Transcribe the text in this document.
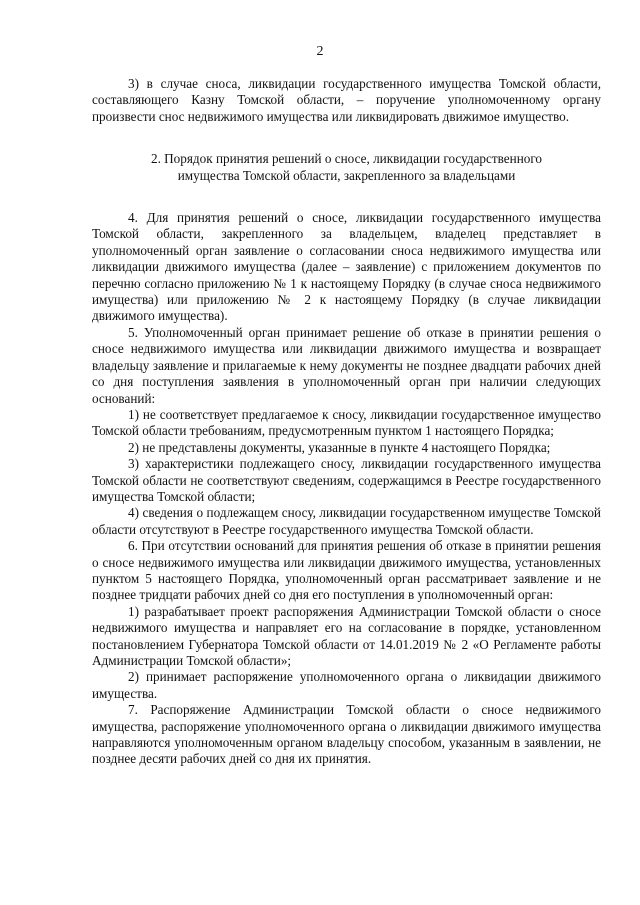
2

3) в случае сноса, ликвидации государственного имущества Томской области, составляющего Казну Томской области, – поручение уполномоченному органу произвести снос недвижимого имущества или ликвидировать движимое имущество.

2. Порядок принятия решений о сносе, ликвидации государственного
имущества Томской области, закрепленного за владельцами

4. Для принятия решений о сносе, ликвидации государственного имущества Томской области, закрепленного за владельцем, владелец представляет в уполномоченный орган заявление о согласовании сноса недвижимого имущества или ликвидации движимого имущества (далее – заявление) с приложением документов по перечню согласно приложению № 1 к настоящему Порядку (в случае сноса недвижимого имущества) или приложению № 2 к настоящему Порядку (в случае ликвидации движимого имущества).

5. Уполномоченный орган принимает решение об отказе в принятии решения о сносе недвижимого имущества или ликвидации движимого имущества и возвращает владельцу заявление и прилагаемые к нему документы не позднее двадцати рабочих дней со дня поступления заявления в уполномоченный орган при наличии следующих оснований:

1) не соответствует предлагаемое к сносу, ликвидации государственное имущество Томской области требованиям, предусмотренным пунктом 1 настоящего Порядка;

2) не представлены документы, указанные в пункте 4 настоящего Порядка;

3) характеристики подлежащего сносу, ликвидации государственного имущества Томской области не соответствуют сведениям, содержащимся в Реестре государственного имущества Томской области;

4) сведения о подлежащем сносу, ликвидации государственном имуществе Томской области отсутствуют в Реестре государственного имущества Томской области.

6. При отсутствии оснований для принятия решения об отказе в принятии решения о сносе недвижимого имущества или ликвидации движимого имущества, установленных пунктом 5 настоящего Порядка, уполномоченный орган рассматривает заявление и не позднее тридцати рабочих дней со дня его поступления в уполномоченный орган:

1) разрабатывает проект распоряжения Администрации Томской области о сносе недвижимого имущества и направляет его на согласование в порядке, установленном постановлением Губернатора Томской области от 14.01.2019 № 2 «О Регламенте работы Администрации Томской области»;

2) принимает распоряжение уполномоченного органа о ликвидации движимого имущества.

7. Распоряжение Администрации Томской области о сносе недвижимого имущества, распоряжение уполномоченного органа о ликвидации движимого имущества направляются уполномоченным органом владельцу способом, указанным в заявлении, не позднее десяти рабочих дней со дня их принятия.
